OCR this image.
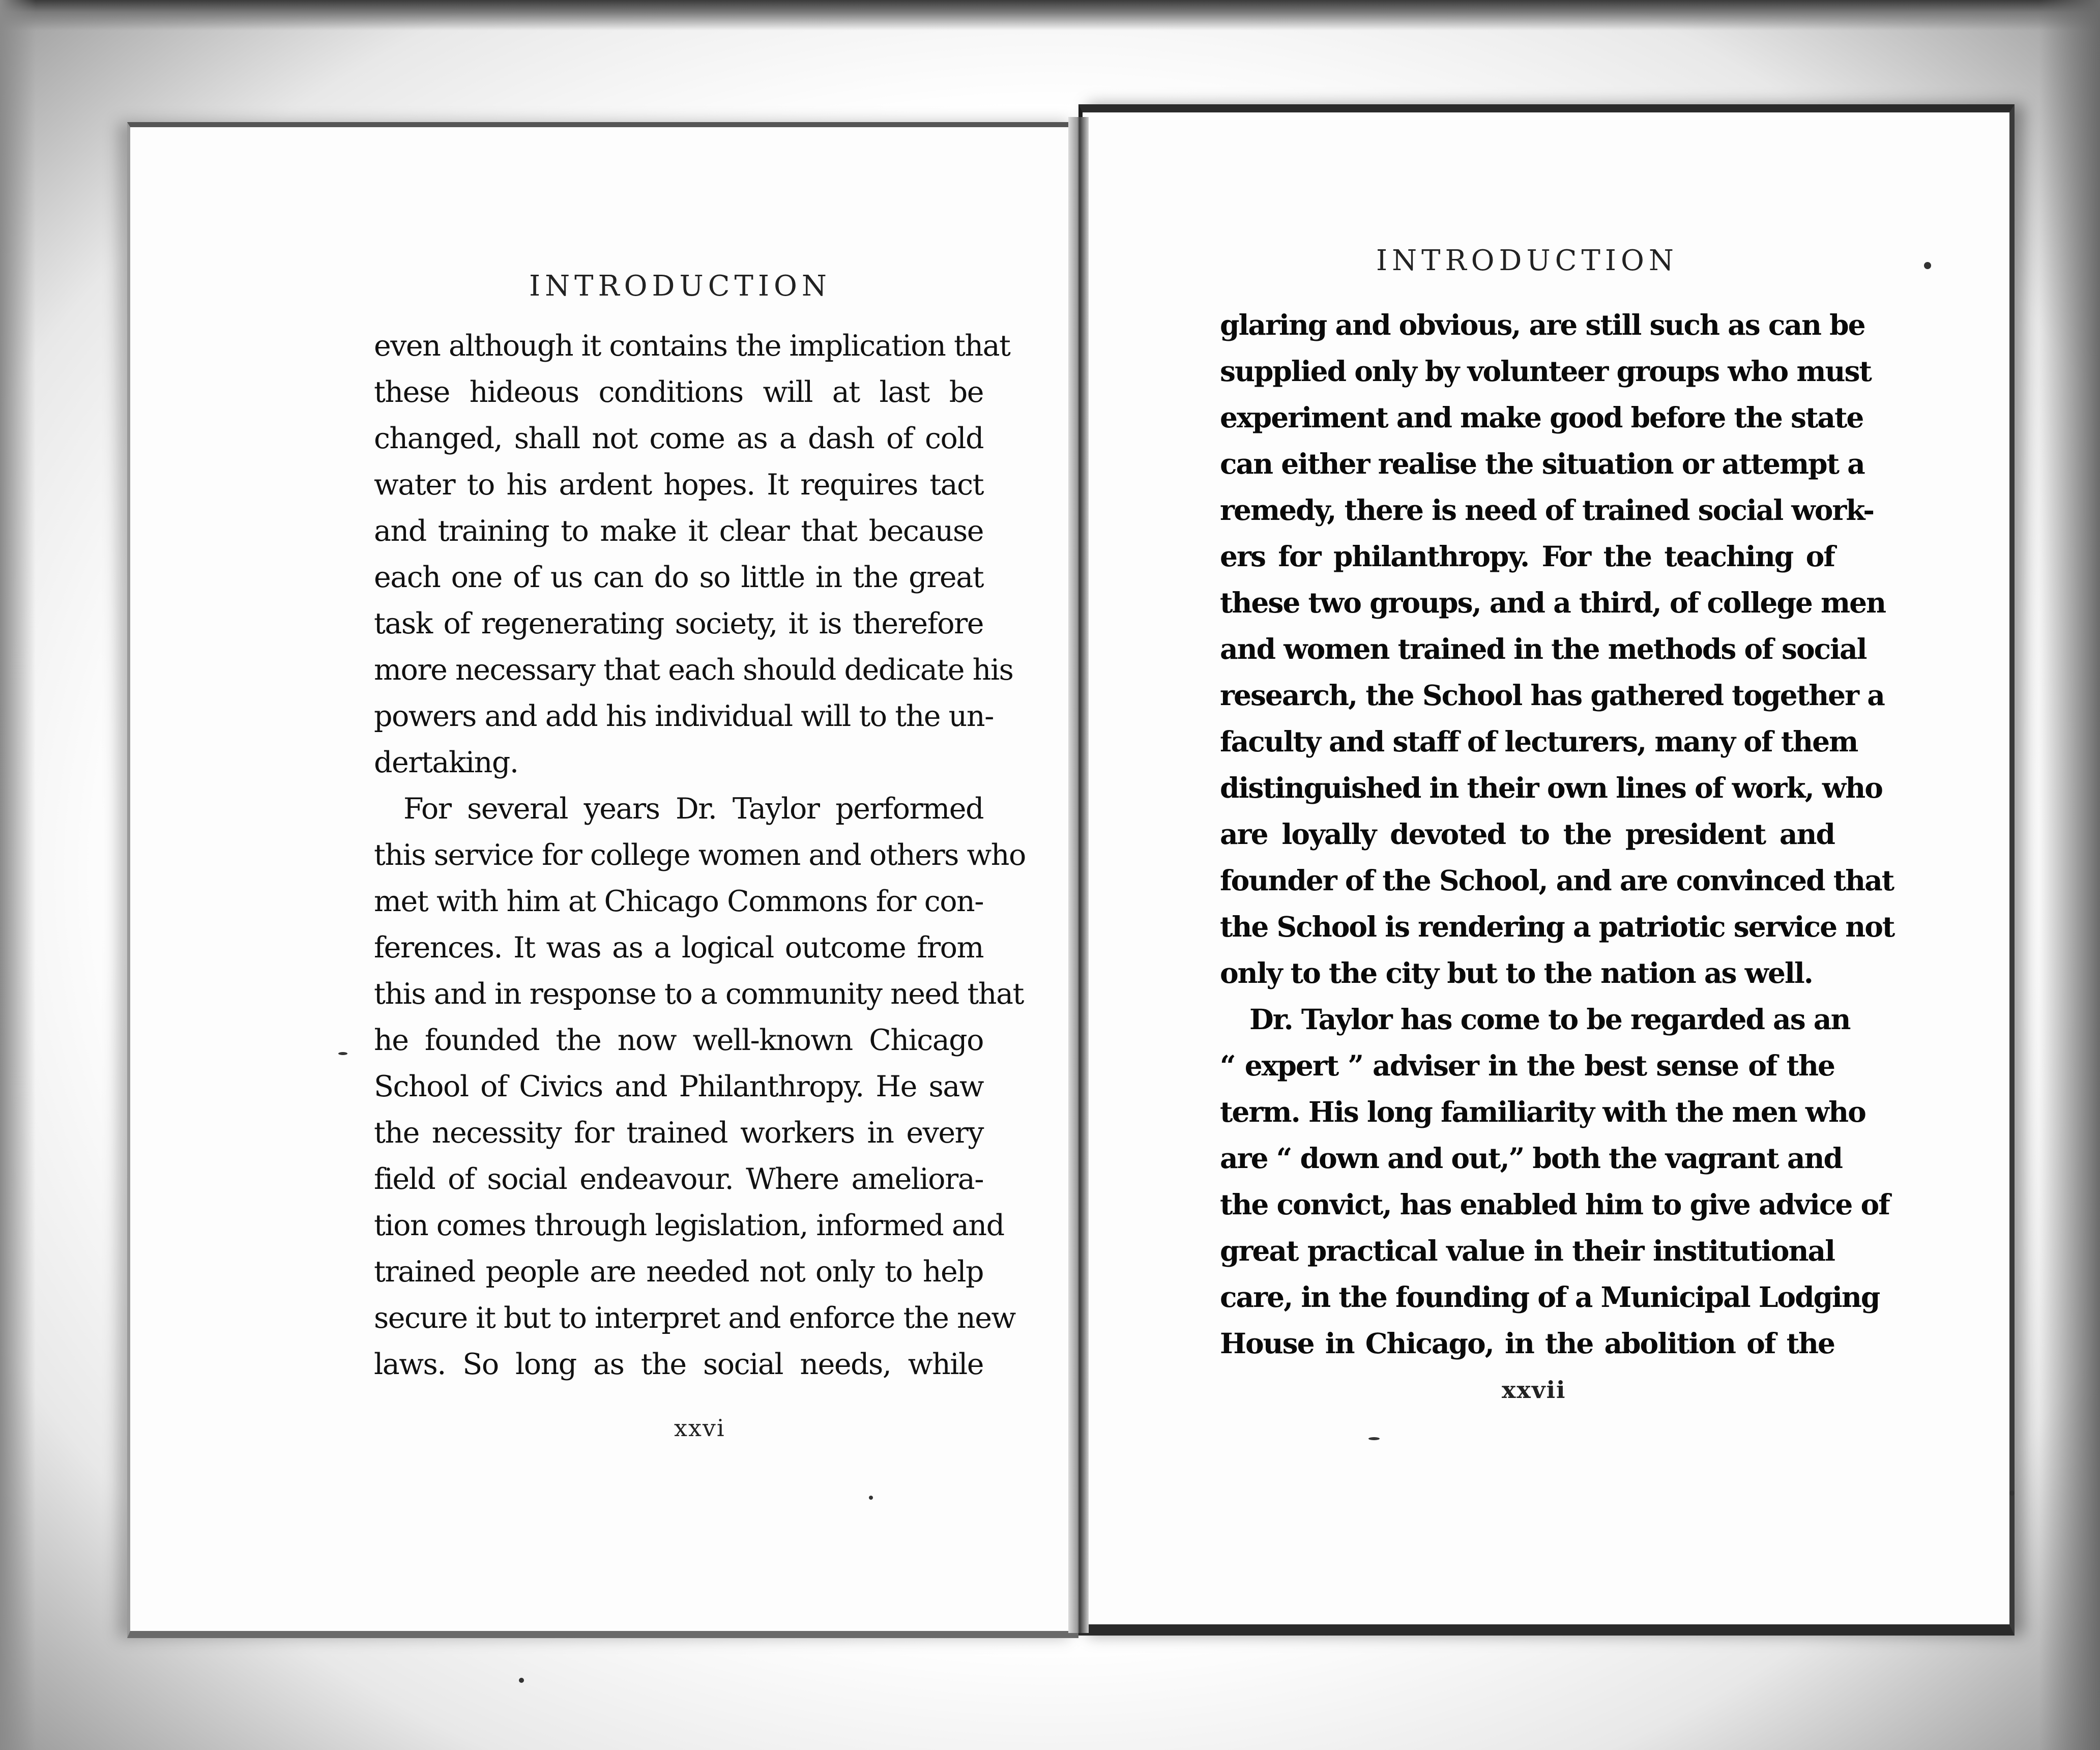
INTRODUCTION
even although it contains the implication that
these hideous conditions will at last be
changed, shall not come as a dash of cold
water to his ardent hopes. It requires tact
and training to make it clear that because
each one of us can do so little in the great
task of regenerating society, it is therefore
more necessary that each should dedicate his
powers and add his individual will to the un-
dertaking.
For several years Dr. Taylor performed
this service for college women and others who
met with him at Chicago Commons for con-
ferences. It was as a logical outcome from
this and in response to a community need that
he founded the now well-known Chicago
School of Civics and Philanthropy. He saw
the necessity for trained workers in every
field of social endeavour. Where ameliora-
tion comes through legislation, informed and
trained people are needed not only to help
secure it but to interpret and enforce the new
laws. So long as the social needs, while
xxvi
INTRODUCTION
glaring and obvious, are still such as can be
supplied only by volunteer groups who must
experiment and make good before the state
can either realise the situation or attempt a
remedy, there is need of trained social work-
ers for philanthropy. For the teaching of
these two groups, and a third, of college men
and women trained in the methods of social
research, the School has gathered together a
faculty and staff of lecturers, many of them
distinguished in their own lines of work, who
are loyally devoted to the president and
founder of the School, and are convinced that
the School is rendering a patriotic service not
only to the city but to the nation as well.
Dr. Taylor has come to be regarded as an
“ expert ” adviser in the best sense of the
term. His long familiarity with the men who
are “ down and out,” both the vagrant and
the convict, has enabled him to give advice of
great practical value in their institutional
care, in the founding of a Municipal Lodging
House in Chicago, in the abolition of the
xxvii
